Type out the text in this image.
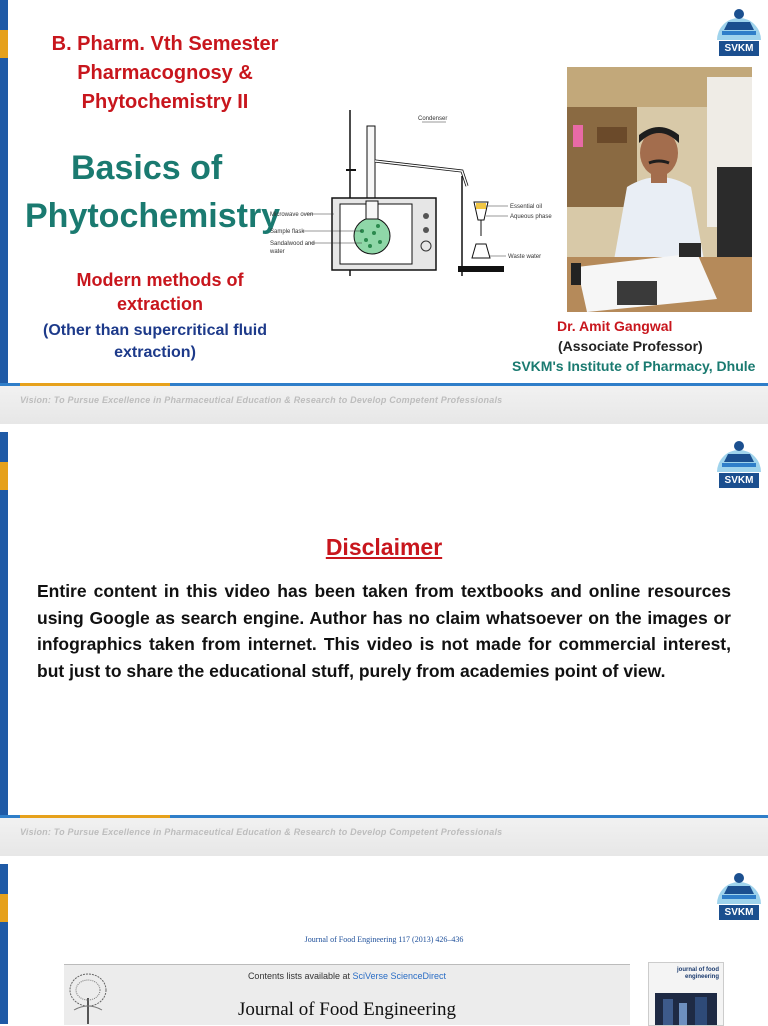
SVKM
B. Pharm. Vth Semester
Pharmacognosy &
Phytochemistry II
Basics of
Phytochemistry
Modern methods of
extraction
(Other than supercritical fluid
extraction)
Condenser
Microwave oven
Sample flask
Sandalwood and
water
Essential oil
Aqueous phase
Waste water
Dr. Amit Gangwal
(Associate Professor)
SVKM's Institute of Pharmacy, Dhule
Vision: To Pursue Excellence in Pharmaceutical Education & Research to Develop Competent Professionals
SVKM
Vision: To Pursue Excellence in Pharmaceutical Education & Research to Develop Competent Professionals
Disclaimer
Entire content in this video has been taken from textbooks and online resources using Google as search engine. Author has no claim whatsoever on the images or infographics taken from internet. This video is not made for commercial interest, but just to share the educational stuff, purely from academies point of view.
SVKM
Journal of Food Engineering 117 (2013) 426–436
Contents lists available at SciVerse ScienceDirect
Journal of Food Engineering
journal of food engineering
